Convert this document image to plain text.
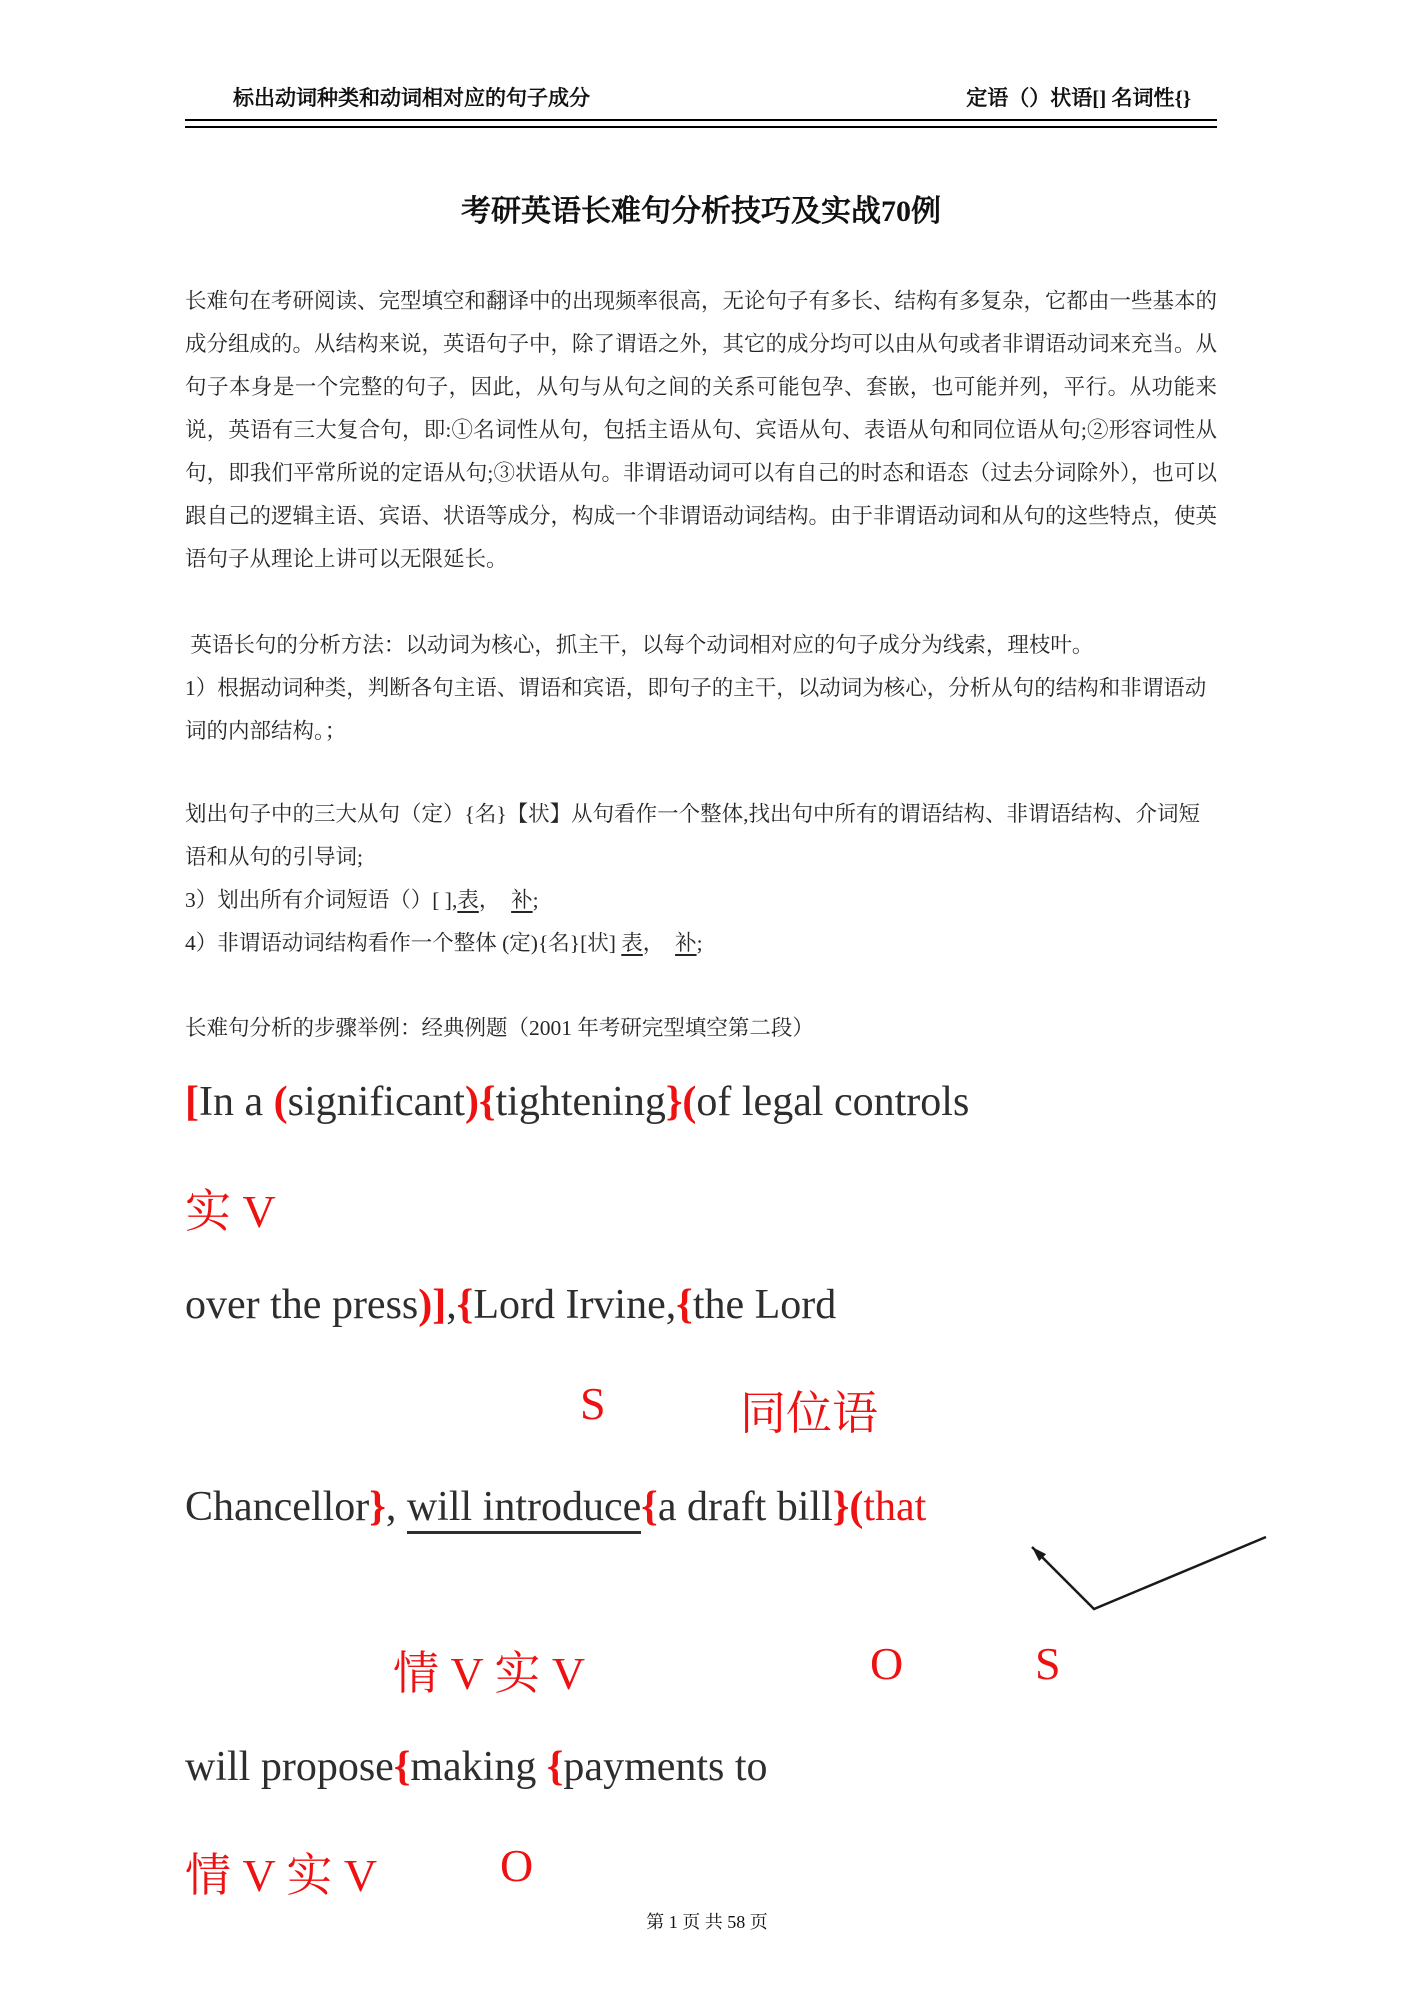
标出动词种类和动词相对应的句子成分	定语（）状语[] 名词性{}
考研英语长难句分析技巧及实战70例
长难句在考研阅读、完型填空和翻译中的出现频率很高，无论句子有多长、结构有多复杂，它都由一些基本的成分组成的。从结构来说，英语句子中，除了谓语之外，其它的成分均可以由从句或者非谓语动词来充当。从句子本身是一个完整的句子，因此，从句与从句之间的关系可能包孕、套嵌，也可能并列，平行。从功能来说，英语有三大复合句，即:①名词性从句，包括主语从句、宾语从句、表语从句和同位语从句;②形容词性从句，即我们平常所说的定语从句;③状语从句。非谓语动词可以有自己的时态和语态（过去分词除外），也可以跟自己的逻辑主语、宾语、状语等成分，构成一个非谓语动词结构。由于非谓语动词和从句的这些特点，使英语句子从理论上讲可以无限延长。
英语长句的分析方法：以动词为核心，抓主干，以每个动词相对应的句子成分为线索，理枝叶。
1）根据动词种类，判断各句主语、谓语和宾语，即句子的主干，以动词为核心，分析从句的结构和非谓语动词的内部结构。；
划出句子中的三大从句（定）{名}【状】从句看作一个整体,找出句中所有的谓语结构、非谓语结构、介词短语和从句的引导词;
3）划出所有介词短语（）[ ],表，  补;
4）非谓语动词结构看作一个整体 (定){名}[状] 表，  补;
长难句分析的步骤举例：经典例题（2001 年考研完型填空第二段）
[In a (significant){tightening}(of legal controls
实 V
over the press)],{Lord Irvine,{the Lord
S	同位语
Chancellor}, will introduce{a draft bill}(that

情 V 实 V	O	S
will propose{making {payments to
情 V 实 V	O
第 1 页 共 58 页
